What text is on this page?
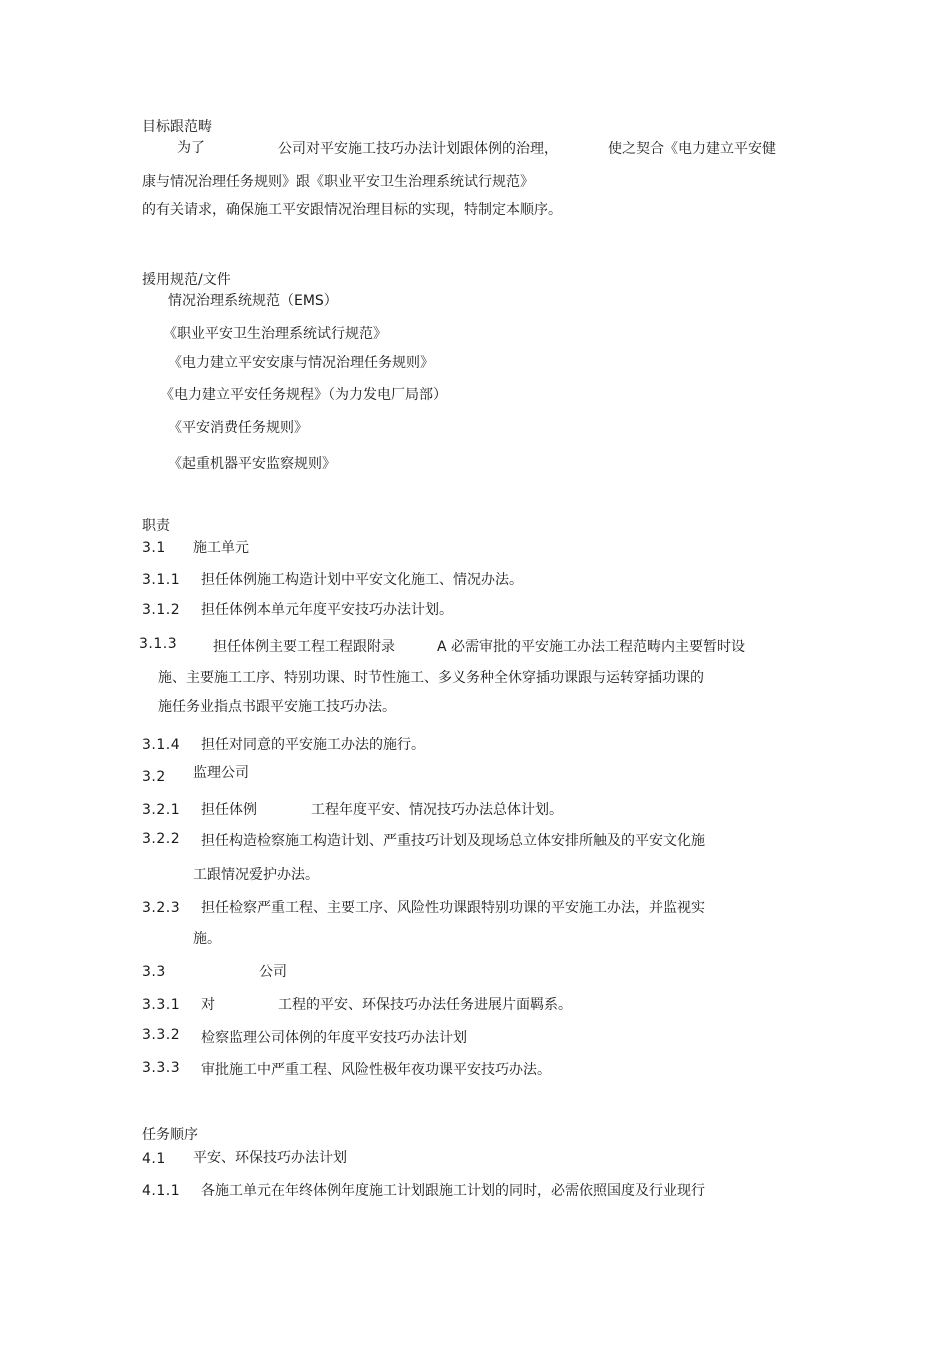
目标跟范畴
为了	公司对平安施工技巧办法计划跟体例的治理，	使之契合《电力建立平安健
康与情况治理任务规则》跟《职业平安卫生治理系统试行规范》
的有关请求，确保施工平安跟情况治理目标的实现，特制定本顺序。
援用规范/文件
情况治理系统规范（EMS）
《职业平安卫生治理系统试行规范》
《电力建立平安安康与情况治理任务规则》
《电力建立平安任务规程》（为力发电厂局部）
《平安消费任务规则》
《起重机器平安监察规则》
职责
3.1 施工单元
3.1.1 担任体例施工构造计划中平安文化施工、情况办法。
3.1.2 担任体例本单元年度平安技巧办法计划。
3.1.3	担任体例主要工程工程跟附录	A 必需审批的平安施工办法工程范畴内主要暂时设
施、主要施工工序、特别功课、时节性施工、多义务种全休穿插功课跟与运转穿插功课的
施任务业指点书跟平安施工技巧办法。
3.1.4 担任对同意的平安施工办法的施行。
3.2 监理公司
3.2.1 担任体例	工程年度平安、情况技巧办法总体计划。
3.2.2 担任构造检察施工构造计划、严重技巧计划及现场总立体安排所触及的平安文化施
工跟情况爱护办法。
3.2.3 担任检察严重工程、主要工序、风险性功课跟特别功课的平安施工办法，并监视实
施。
3.3	公司
3.3.1 对	工程的平安、环保技巧办法任务进展片面羁系。
3.3.2 检察监理公司体例的年度平安技巧办法计划
3.3.3 审批施工中严重工程、风险性极年夜功课平安技巧办法。
任务顺序
4.1 平安、环保技巧办法计划
4.1.1 各施工单元在年终体例年度施工计划跟施工计划的同时，必需依照国度及行业现行
